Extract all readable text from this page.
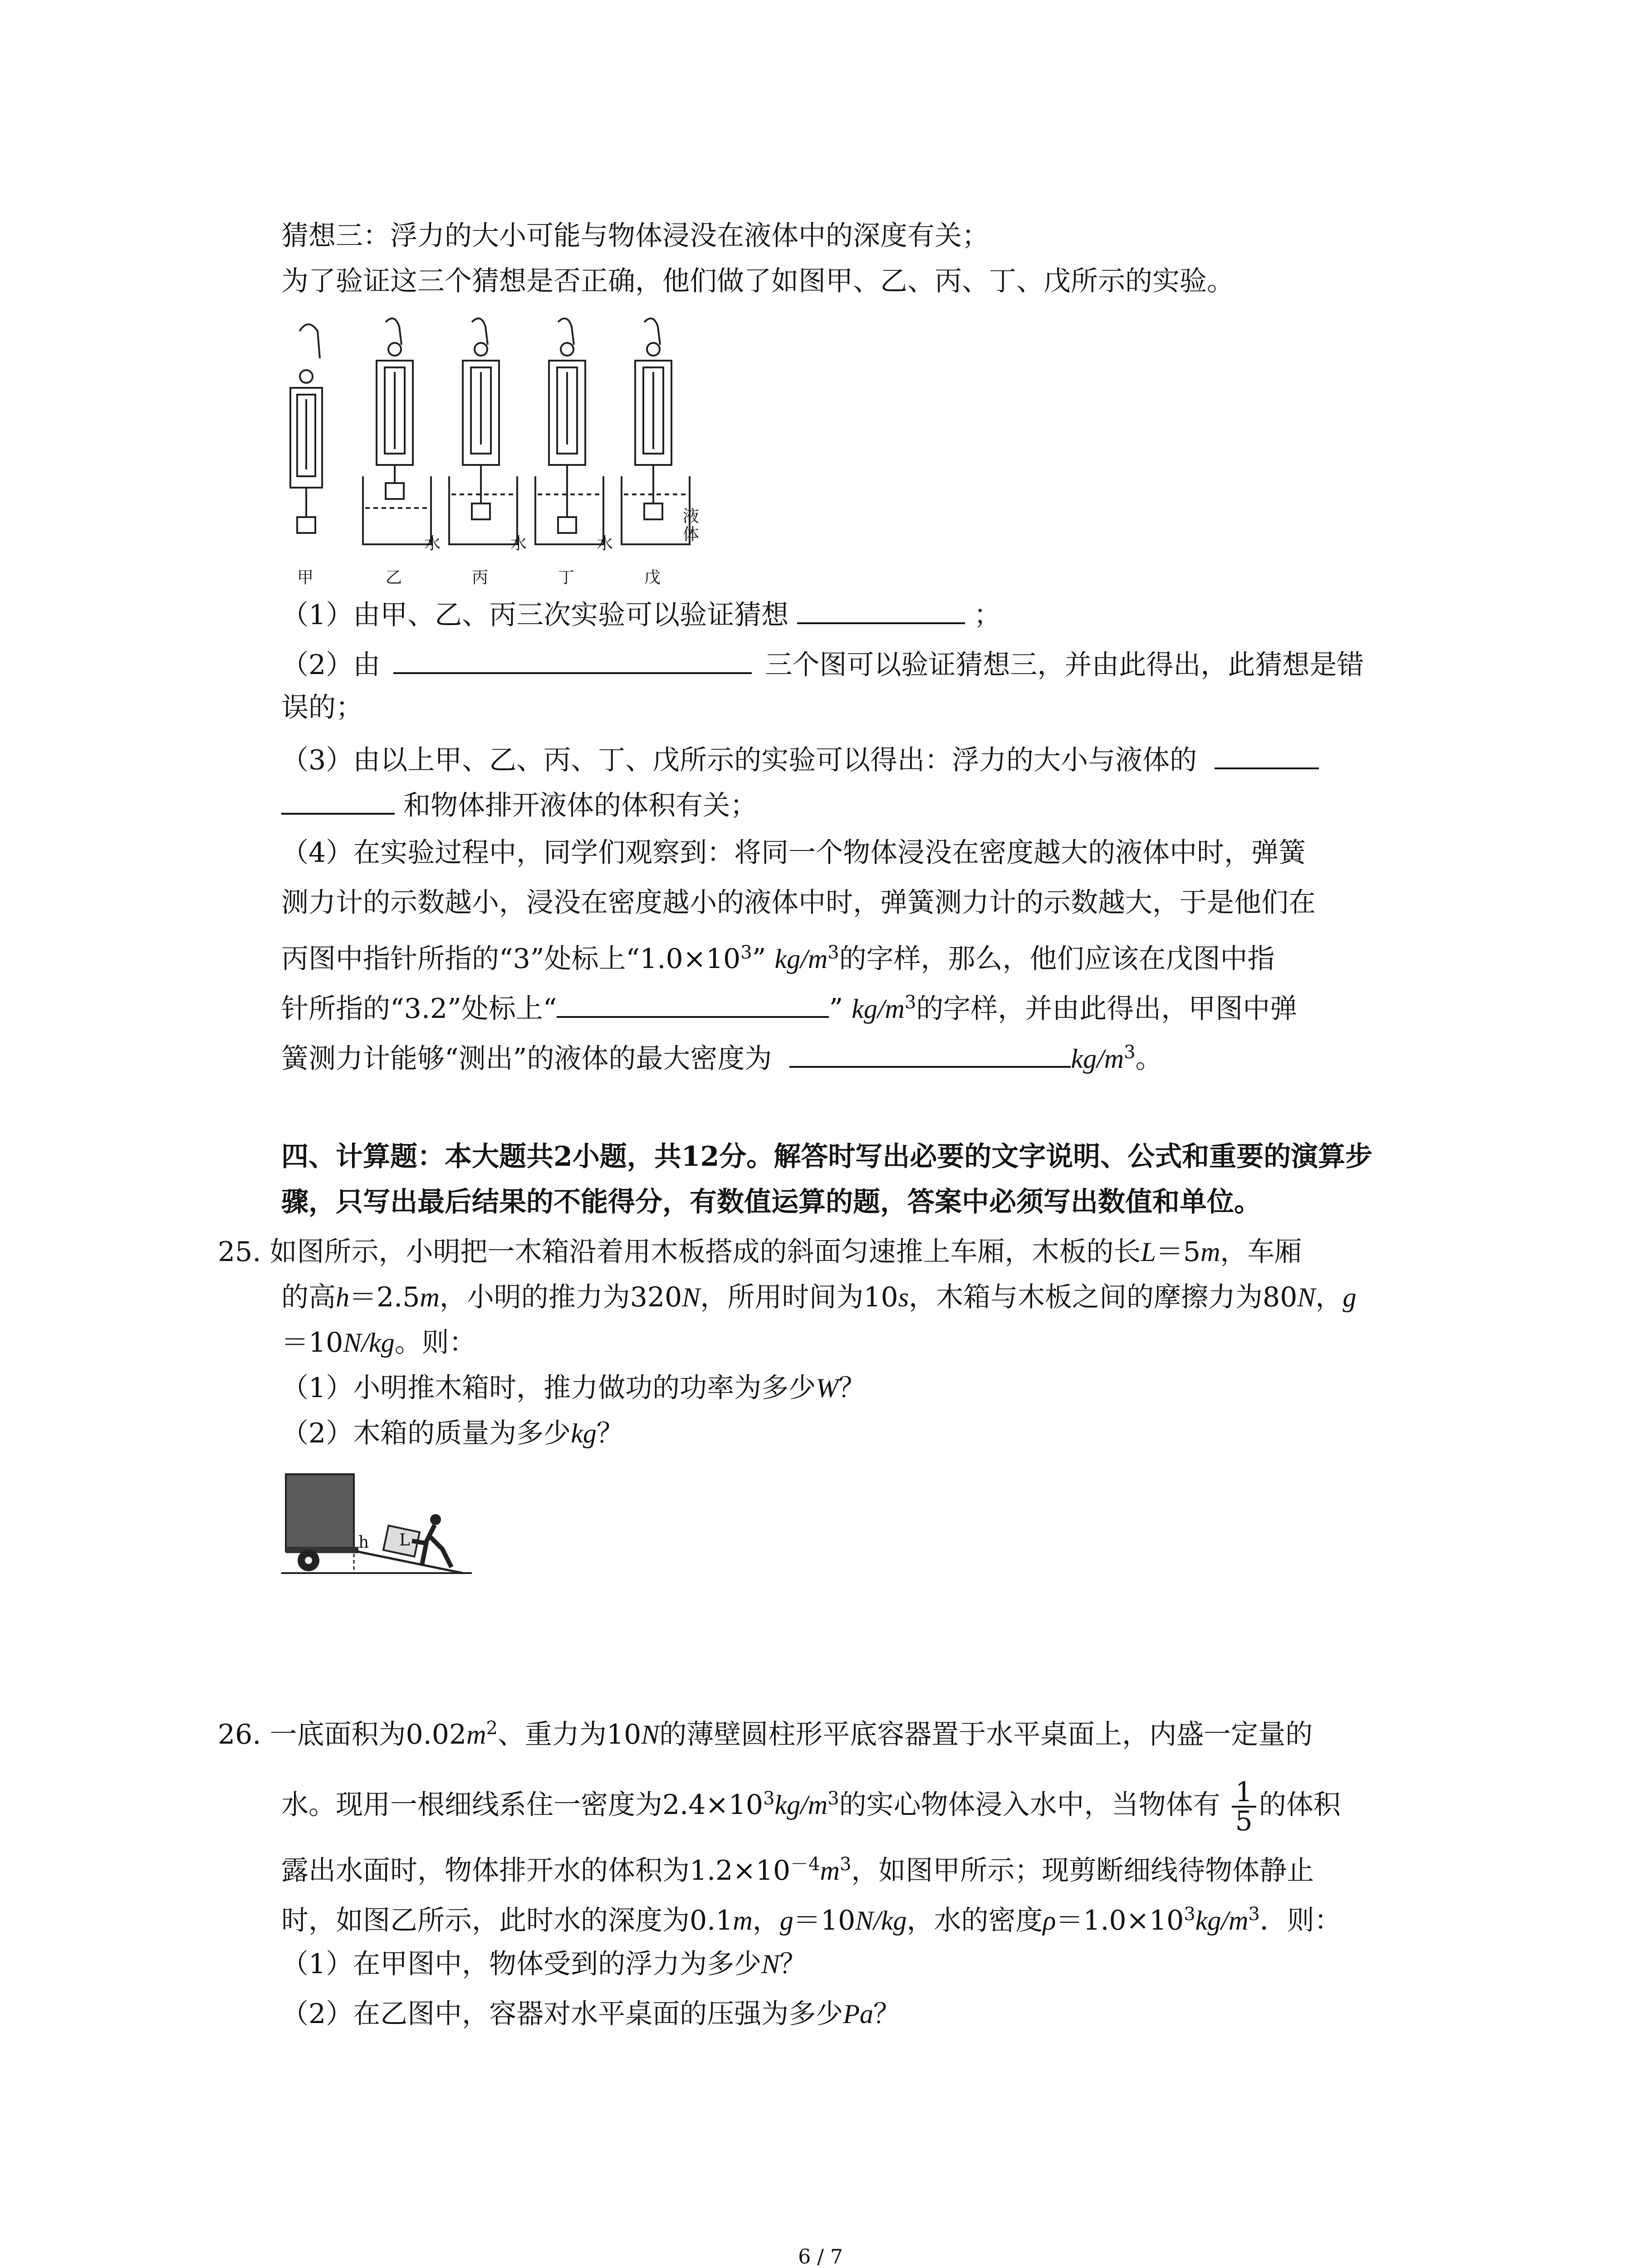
猜想三：浮力的大小可能与物体浸没在液体中的深度有关；
为了验证这三个猜想是否正确，他们做了如图甲、乙、丙、丁、戊所示的实验。
甲	乙	丙	丁	戊
水	水	水
液
体
（1）由甲、乙、丙三次实验可以验证猜想	；
（2）由	三个图可以验证猜想三，并由此得出，此猜想是错
误的；
（3）由以上甲、乙、丙、丁、戊所示的实验可以得出：浮力的大小与液体的
和物体排开液体的体积有关；
（4）在实验过程中，同学们观察到：将同一个物体浸没在密度越大的液体中时，弹簧
测力计的示数越小，浸没在密度越小的液体中时，弹簧测力计的示数越大，于是他们在
丙图中指针所指的“3”处标上“$1.0\times 10^3$” $kg/m^3$的字样，那么，他们应该在戊图中指
针所指的“3.2”处标上“	” $kg/m^3$的字样，并由此得出，甲图中弹
簧测力计能够“测出”的液体的最大密度为	$kg/m^3$。
四、计算题：本大题共2小题，共12分。解答时写出必要的文字说明、公式和重要的演算步
骤，只写出最后结果的不能得分，有数值运算的题，答案中必须写出数值和单位。
25. 如图所示，小明把一木箱沿着用木板搭成的斜面匀速推上车厢，木板的长L＝5m，车厢
的高h＝2.5m，小明的推力为320N，所用时间为10s，木箱与木板之间的摩擦力为80N，g
＝10N/kg。则：
（1）小明推木箱时，推力做功的功率为多少W？
（2）木箱的质量为多少kg？
h L
26. 一底面积为$0.02m^2$、重力为10N的薄壁圆柱形平底容器置于水平桌面上，内盛一定量的
水。现用一根细线系住一密度为$2.4\times 10^3kg/m^3$的实心物体浸入水中，当物体有 $\frac{1}{5}$ 的体积
露出水面时，物体排开水的体积为$1.2\times 10^{-4}m^3$，如图甲所示；现剪断细线待物体静止
时，如图乙所示，此时水的深度为0.1m，g＝10N/kg，水的密度$\rho=1.0\times 10^3kg/m^3$．则：
（1）在甲图中，物体受到的浮力为多少N？
（2）在乙图中，容器对水平桌面的压强为多少Pa？
6 / 7
